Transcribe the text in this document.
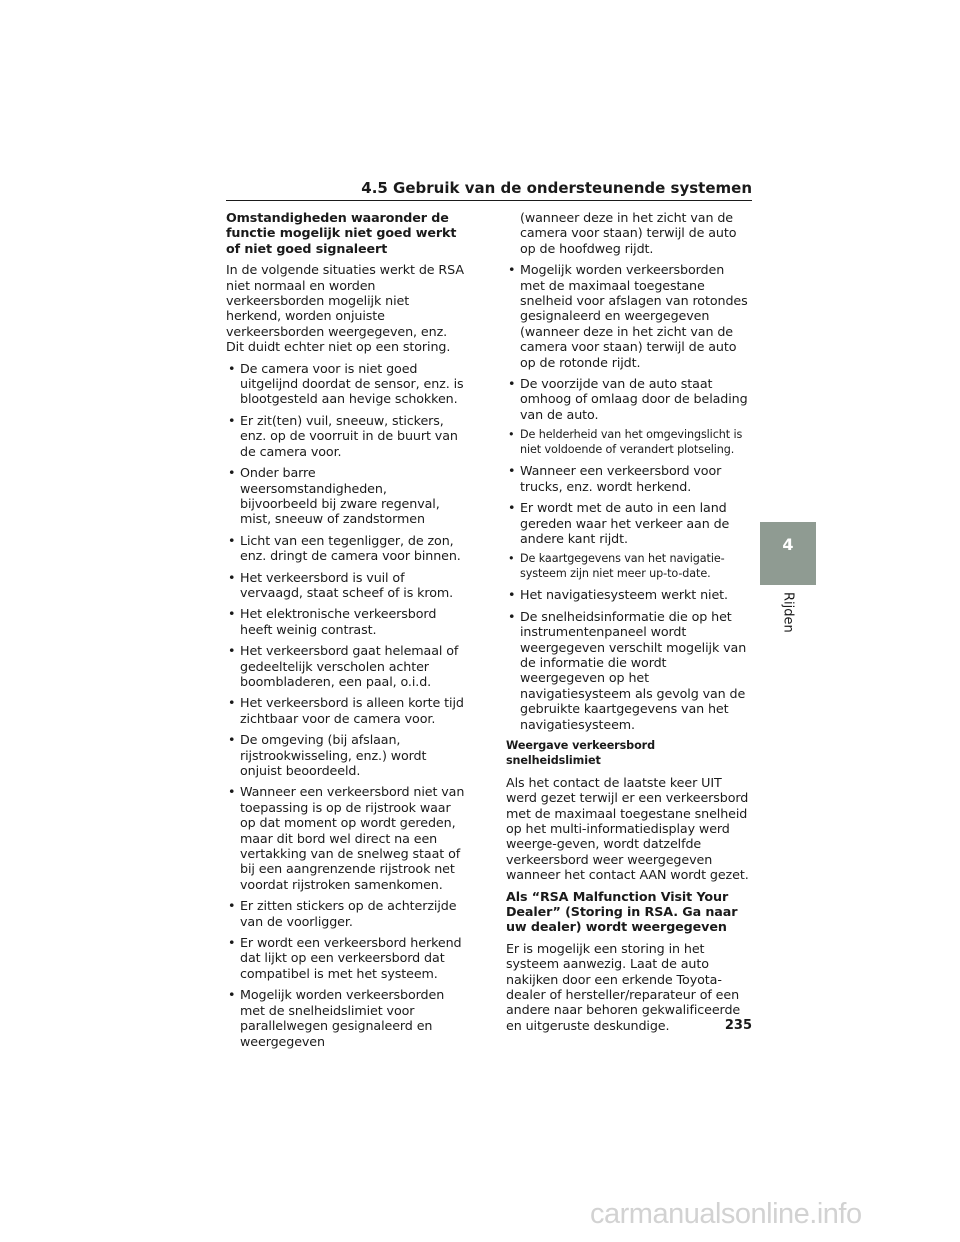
4.5 Gebruik van de ondersteunende systemen
Omstandigheden waaronder de functie mogelijk niet goed werkt of niet goed signaleert

In de volgende situaties werkt de RSA niet normaal en worden verkeersborden mogelijk niet herkend, worden onjuiste verkeersborden weergegeven, enz. Dit duidt echter niet op een storing.

• De camera voor is niet goed uitgelijnd doordat de sensor, enz. is blootgesteld aan hevige schokken.
• Er zit(ten) vuil, sneeuw, stickers, enz. op de voorruit in de buurt van de camera voor.
• Onder barre weersomstandigheden, bijvoorbeeld bij zware regenval, mist, sneeuw of zandstormen
• Licht van een tegenligger, de zon, enz. dringt de camera voor binnen.
• Het verkeersbord is vuil of vervaagd, staat scheef of is krom.
• Het elektronische verkeersbord heeft weinig contrast.
• Het verkeersbord gaat helemaal of gedeeltelijk verscholen achter boombladeren, een paal, o.i.d.
• Het verkeersbord is alleen korte tijd zichtbaar voor de camera voor.
• De omgeving (bij afslaan, rijstrookwisseling, enz.) wordt onjuist beoordeeld.
• Wanneer een verkeersbord niet van toepassing is op de rijstrook waar op dat moment op wordt gereden, maar dit bord wel direct na een vertakking van de snelweg staat of bij een aangrenzende rijstrook net voordat rijstroken samenkomen.
• Er zitten stickers op de achterzijde van de voorligger.
• Er wordt een verkeersbord herkend dat lijkt op een verkeersbord dat compatibel is met het systeem.
• Mogelijk worden verkeersborden met de snelheidslimiet voor parallelwegen gesignaleerd en weergegeven
(wanneer deze in het zicht van de camera voor staan) terwijl de auto op de hoofdweg rijdt.
• Mogelijk worden verkeersborden met de maximaal toegestane snelheid voor afslagen van rotondes gesignaleerd en weergegeven (wanneer deze in het zicht van de camera voor staan) terwijl de auto op de rotonde rijdt.
• De voorzijde van de auto staat omhoog of omlaag door de belading van de auto.
• De helderheid van het omgevingslicht is niet voldoende of verandert plotseling.
• Wanneer een verkeersbord voor trucks, enz. wordt herkend.
• Er wordt met de auto in een land gereden waar het verkeer aan de andere kant rijdt.
• De kaartgegevens van het navigatie-systeem zijn niet meer up-to-date.
• Het navigatiesysteem werkt niet.
• De snelheidsinformatie die op het instrumentenpaneel wordt weergegeven verschilt mogelijk van de informatie die wordt weergegeven op het navigatiesysteem als gevolg van de gebruikte kaartgegevens van het navigatiesysteem.
Weergave verkeersbord snelheidslimiet

Als het contact de laatste keer UIT werd gezet terwijl er een verkeersbord met de maximaal toegestane snelheid op het multi-informatiedisplay werd weerge-geven, wordt datzelfde verkeersbord weer weergegeven wanneer het contact AAN wordt gezet.

Als “RSA Malfunction Visit Your Dealer” (Storing in RSA. Ga naar uw dealer) wordt weergegeven

Er is mogelijk een storing in het systeem aanwezig. Laat de auto nakijken door een erkende Toyota-dealer of hersteller/reparateur of een andere naar behoren gekwalificeerde en uitgeruste deskundige.

4
Rijden
235
carmanualsonline.info
